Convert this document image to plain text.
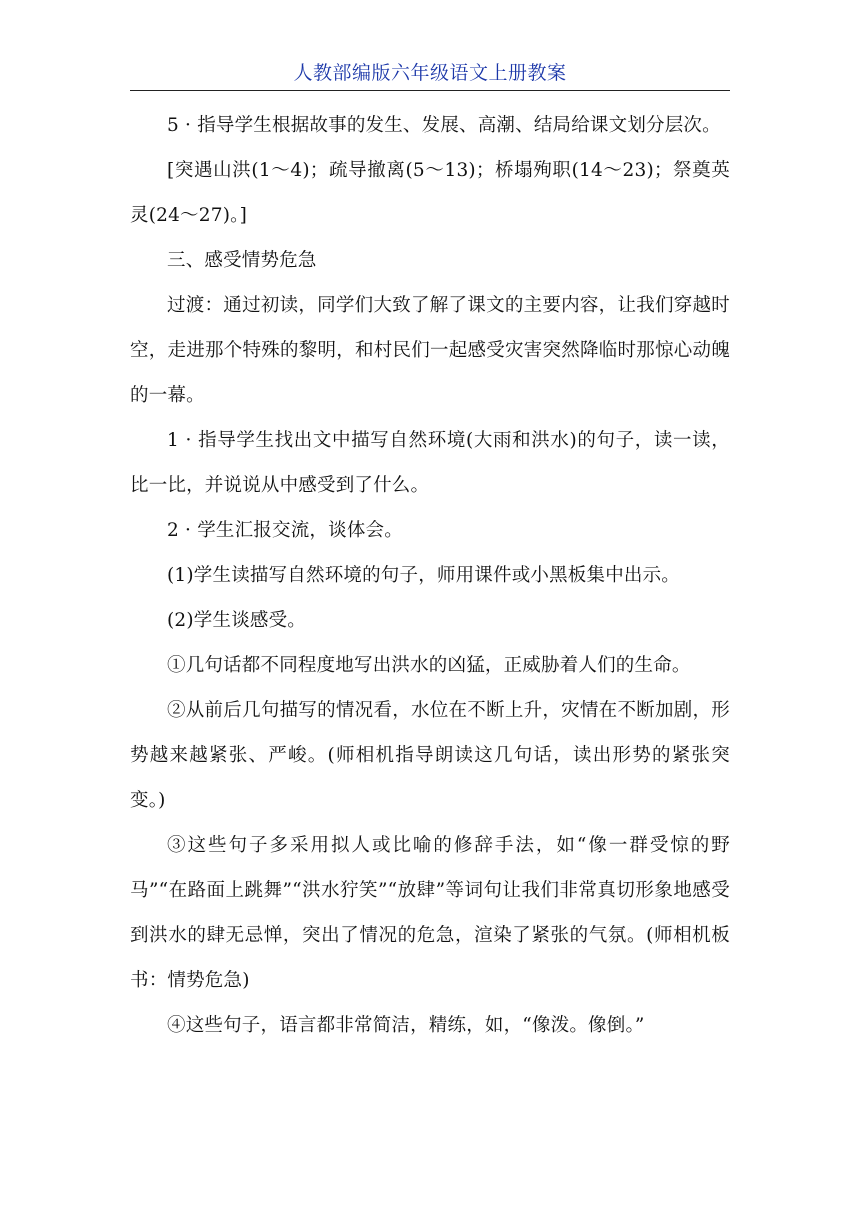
人教部编版六年级语文上册教案

5 · 指导学生根据故事的发生、发展、高潮、结局给课文划分层次。

[突遇山洪(1～4)；疏导撤离(5～13)；桥塌殉职(14～23)；祭奠英灵(24～27)。]

三、感受情势危急

过渡：通过初读，同学们大致了解了课文的主要内容，让我们穿越时空，走进那个特殊的黎明，和村民们一起感受灾害突然降临时那惊心动魄的一幕。

1 · 指导学生找出文中描写自然环境(大雨和洪水)的句子，读一读，比一比，并说说从中感受到了什么。

2 · 学生汇报交流，谈体会。

(1)学生读描写自然环境的句子，师用课件或小黑板集中出示。

(2)学生谈感受。

①几句话都不同程度地写出洪水的凶猛，正威胁着人们的生命。

②从前后几句描写的情况看，水位在不断上升，灾情在不断加剧，形势越来越紧张、严峻。(师相机指导朗读这几句话，读出形势的紧张突变。)

③这些句子多采用拟人或比喻的修辞手法，如“像一群受惊的野马”“在路面上跳舞”“洪水狞笑”“放肆”等词句让我们非常真切形象地感受到洪水的肆无忌惮，突出了情况的危急，渲染了紧张的气氛。(师相机板书：情势危急)

④这些句子，语言都非常简洁，精练，如，“像泼。像倒。”
